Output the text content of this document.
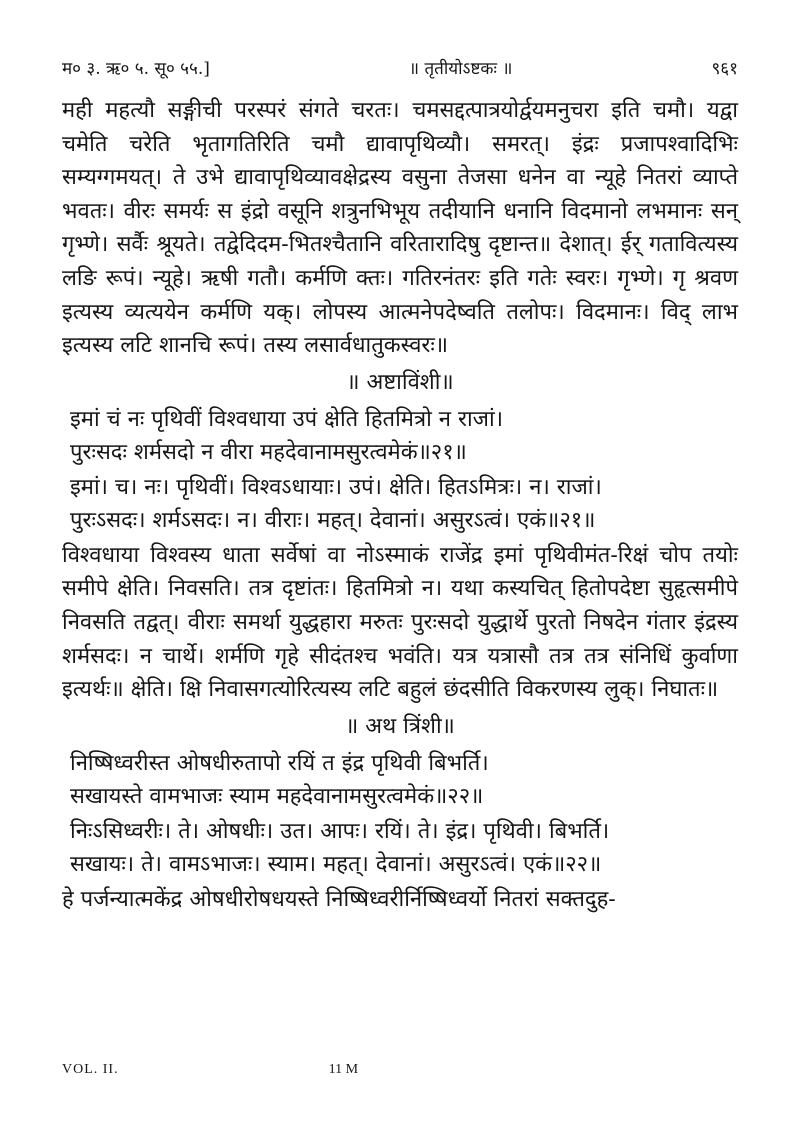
म० ३. ऋ० ५. सू० ५५.]	॥ तृतीयोऽष्टकः ॥	९६१

मही महत्यौ सङ्गीची परस्परं संगते चरतः। चमसद्दत्पात्रयोर्द्वयमनुचरा इति चमौ। यद्वा चमेति चरेति भृतागतिरिति चमौ द्यावापृथिव्यौ। समरत्। इंद्रः प्रजापश्वादिभिः सम्यग्गमयत्। ते उभे द्यावापृथिव्यावक्षेद्रस्य वसुना तेजसा धनेन वा न्यूहे नितरां व्याप्ते भवतः। वीरः समर्यः स इंद्रो वसूनि शत्रुनभिभूय तदीयानि धनानि विदमानो लभमानः सन् गृभ्णे। सर्वैः श्रूयते। तद्वेदिदम-भितश्चैतानि वरितारादिषु दृष्टान्त॥ देशात्। ईर् गतावित्यस्य लङि रूपं। न्यूहे। ऋषी गतौ। कर्मणि क्तः। गतिरनंतरः इति गतेः स्वरः। गृभ्णे। गृ श्रवण इत्यस्य व्यत्ययेन कर्मणि यक्। लोपस्य आत्मनेपदेष्वति तलोपः। विदमानः। विद् लाभ इत्यस्य लटि शानचि रूपं। तस्य लसार्वधातुकस्वरः॥

॥ अष्टाविंशी॥
इमां चं नः पृथिवीं विश्वधाया उपं क्षेति हितमित्रो न राजां।
पुरःसदः शर्मसदो न वीरा महदेवानामसुरत्वमेकं॥२१॥
इमां। च। नः। पृथिवीं। विश्वऽधायाः। उपं। क्षेति। हितऽमित्रः। न। राजां।
पुरःऽसदः। शर्मऽसदः। न। वीराः। महत्। देवानां। असुरऽत्वं। एकं॥२१॥

विश्वधाया विश्वस्य धाता सर्वेषां वा नोऽस्माकं राजेंद्र इमां पृथिवीमंत-रिक्षं चोप तयोः समीपे क्षेति। निवसति। तत्र दृष्टांतः। हितमित्रो न। यथा कस्यचित् हितोपदेष्टा सुहृत्समीपे निवसति तद्वत्। वीराः समर्था युद्धहारा मरुतः पुरःसदो युद्धार्थे पुरतो निषदेन गंतार इंद्रस्य शर्मसदः। न चार्थे। शर्मणि गृहे सीदंतश्च भवंति। यत्र यत्रासौ तत्र तत्र संनिधिं कुर्वाणा इत्यर्थः॥ क्षेति। क्षि निवासगत्योरित्यस्य लटि बहुलं छंदसीति विकरणस्य लुक्। निघातः॥

॥ अथ त्रिंशी॥
निष्षिध्वरीस्त ओषधीरुतापो रयिं त इंद्र पृथिवी बिभर्ति।
सखायस्ते वामभाजः स्याम महदेवानामसुरत्वमेकं॥२२॥
निःऽसिध्वरीः। ते। ओषधीः। उत। आपः। रयिं। ते। इंद्र। पृथिवी। बिभर्ति।
सखायः। ते। वामऽभाजः। स्याम। महत्। देवानां। असुरऽत्वं। एकं॥२२॥

हे पर्जन्यात्मकेंद्र ओषधीरोषधयस्ते निष्षिध्वरीर्निष्षिध्वर्यो नितरां सक्तदुह-

VOL. II.	11 M
